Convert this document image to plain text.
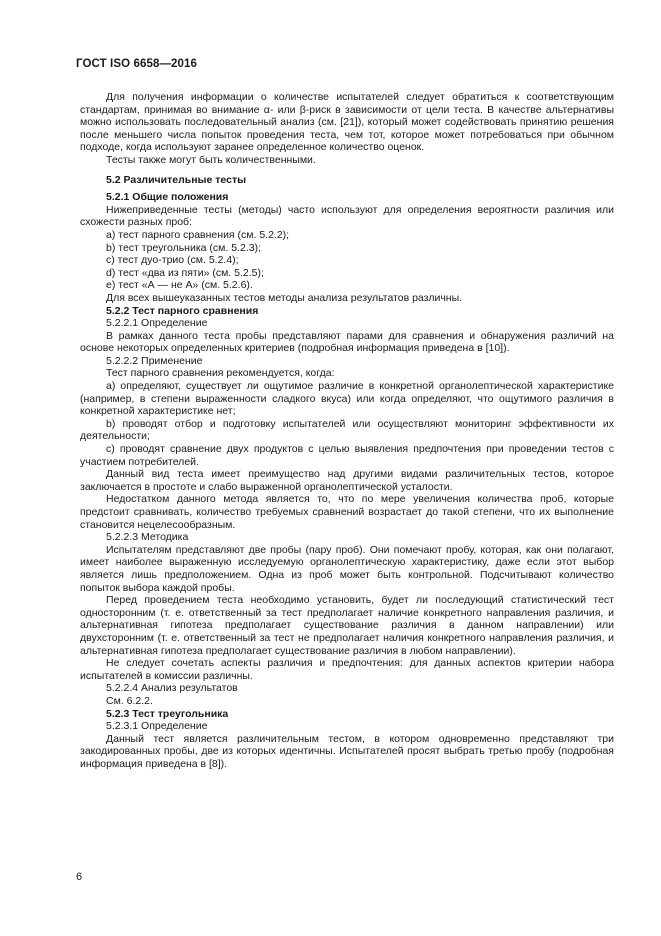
ГОСТ ISO 6658—2016

Для получения информации о количестве испытателей следует обратиться к соответствующим стандартам, принимая во внимание α- или β-риск в зависимости от цели теста. В качестве альтернативы можно использовать последовательный анализ (см. [21]), который может содействовать принятию решения после меньшего числа попыток проведения теста, чем тот, которое может потребоваться при обычном подходе, когда используют заранее определенное количество оценок.

Тесты также могут быть количественными.

5.2 Различительные тесты

5.2.1 Общие положения

Нижеприведенные тесты (методы) часто используют для определения вероятности различия или схожести разных проб:

a) тест парного сравнения (см. 5.2.2);

b) тест треугольника (см. 5.2.3);

c) тест дуо-трио (см. 5.2.4);

d) тест «два из пяти» (см. 5.2.5);

e) тест «А — не А» (см. 5.2.6).

Для всех вышеуказанных тестов методы анализа результатов различны.

5.2.2 Тест парного сравнения

5.2.2.1 Определение

В рамках данного теста пробы представляют парами для сравнения и обнаружения различий на основе некоторых определенных критериев (подробная информация приведена в [10]).

5.2.2.2 Применение

Тест парного сравнения рекомендуется, когда:

а) определяют, существует ли ощутимое различие в конкретной органолептической характеристике (например, в степени выраженности сладкого вкуса) или когда определяют, что ощутимого различия в конкретной характеристике нет;

b) проводят отбор и подготовку испытателей или осуществляют мониторинг эффективности их деятельности;

c) проводят сравнение двух продуктов с целью выявления предпочтения при проведении тестов с участием потребителей.

Данный вид теста имеет преимущество над другими видами различительных тестов, которое заключается в простоте и слабо выраженной органолептической усталости.

Недостатком данного метода является то, что по мере увеличения количества проб, которые предстоит сравнивать, количество требуемых сравнений возрастает до такой степени, что их выполнение становится нецелесообразным.

5.2.2.3 Методика

Испытателям представляют две пробы (пару проб). Они помечают пробу, которая, как они полагают, имеет наиболее выраженную исследуемую органолептическую характеристику, даже если этот выбор является лишь предположением. Одна из проб может быть контрольной. Подсчитывают количество попыток выбора каждой пробы.

Перед проведением теста необходимо установить, будет ли последующий статистический тест односторонним (т. е. ответственный за тест предполагает наличие конкретного направления различия, и альтернативная гипотеза предполагает существование различия в данном направлении) или двухсторонним (т. е. ответственный за тест не предполагает наличия конкретного направления различия, и альтернативная гипотеза предполагает существование различия в любом направлении).

Не следует сочетать аспекты различия и предпочтения: для данных аспектов критерии набора испытателей в комиссии различны.

5.2.2.4 Анализ результатов

См. 6.2.2.

5.2.3 Тест треугольника

5.2.3.1 Определение

Данный тест является различительным тестом, в котором одновременно представляют три закодированных пробы, две из которых идентичны. Испытателей просят выбрать третью пробу (подробная информация приведена в [8]).

6
